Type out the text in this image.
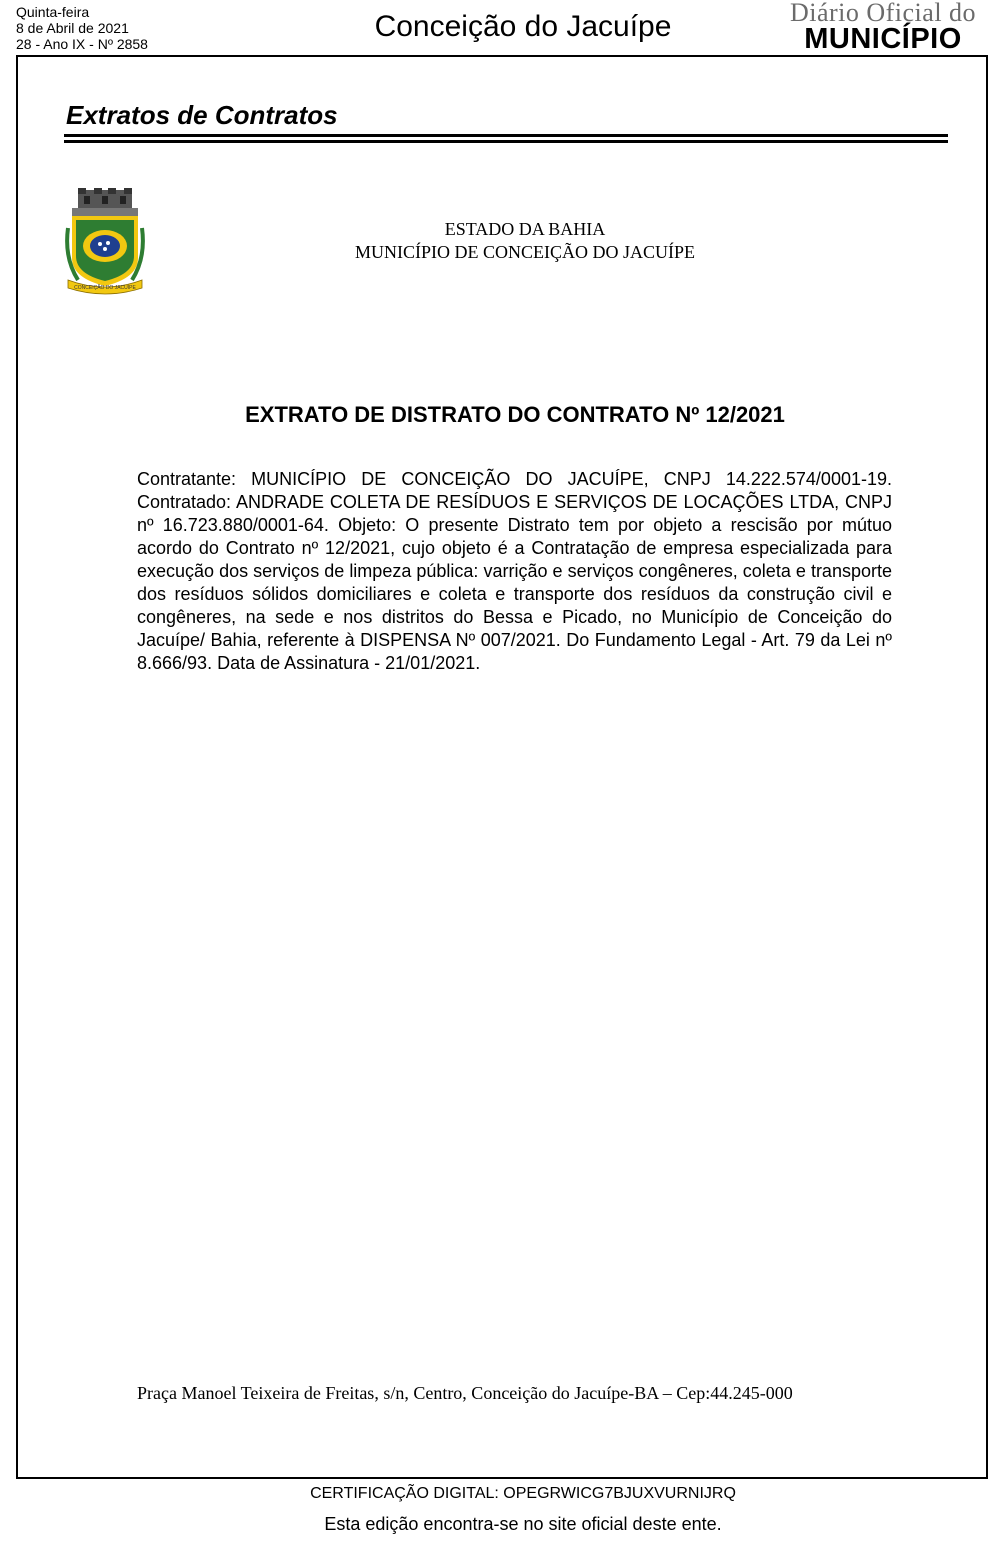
Quinta-feira
8 de Abril de 2021
28 - Ano IX - Nº 2858
Conceição do Jacuípe	Diário Oficial do
MUNICÍPIO
Extratos de Contratos
CONCEIÇÃO DO JACUÍPE
ESTADO DA BAHIA
MUNICÍPIO DE CONCEIÇÃO DO JACUÍPE
EXTRATO DE DISTRATO DO CONTRATO Nº 12/2021
Contratante: MUNICÍPIO DE CONCEIÇÃO DO JACUÍPE, CNPJ 14.222.574/0001-19. Contratado: ANDRADE COLETA DE RESÍDUOS E SERVIÇOS DE LOCAÇÕES LTDA, CNPJ nº 16.723.880/0001-64. Objeto: O presente Distrato tem por objeto a rescisão por mútuo acordo do Contrato nº 12/2021, cujo objeto é a Contratação de empresa especializada para execução dos serviços de limpeza pública: varrição e serviços congêneres, coleta e transporte dos resíduos sólidos domiciliares e coleta e transporte dos resíduos da construção civil e congêneres, na sede e nos distritos do Bessa e Picado, no Município de Conceição do Jacuípe/ Bahia, referente à DISPENSA Nº 007/2021. Do Fundamento Legal - Art. 79 da Lei nº 8.666/93. Data de Assinatura - 21/01/2021.
Praça Manoel Teixeira de Freitas, s/n, Centro, Conceição do Jacuípe-BA – Cep:44.245-000
CERTIFICAÇÃO DIGITAL: OPEGRWICG7BJUXVURNIJRQ
Esta edição encontra-se no site oficial deste ente.
